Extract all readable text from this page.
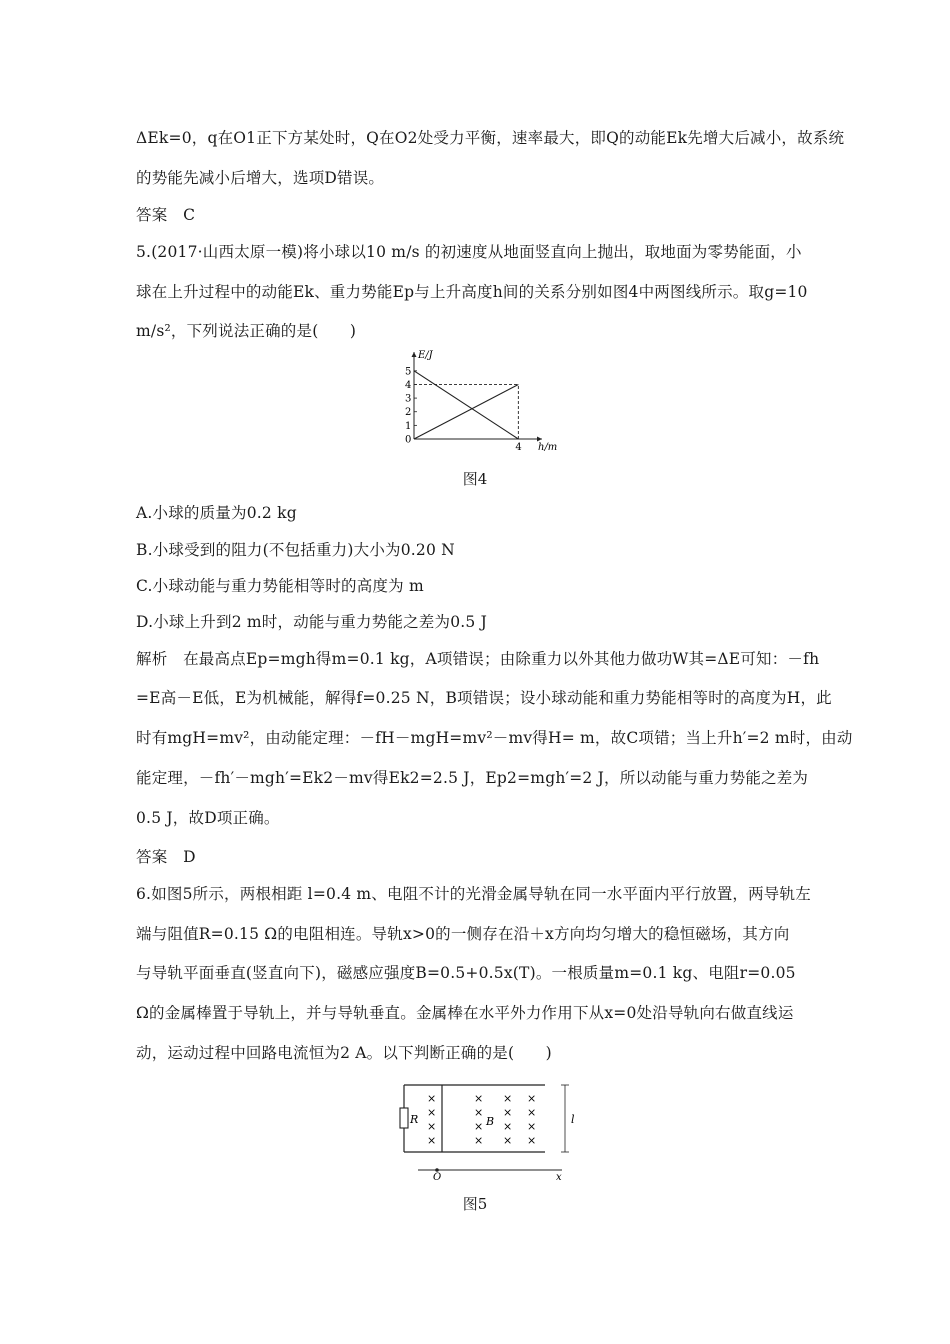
ΔEk=0，q在O1正下方某处时，Q在O2处受力平衡，速率最大，即Q的动能Ek先增大后减小，故系统
的势能先减小后增大，选项D错误。
答案　C
5.(2017·山西太原一模)将小球以10 m/s 的初速度从地面竖直向上抛出，取地面为零势能面，小
球在上升过程中的动能Ek、重力势能Ep与上升高度h间的关系分别如图4中两图线所示。取g=10
m/s²，下列说法正确的是(　　)
5
4
3
2
1
0
4
E/J
h/m
图4
A.小球的质量为0.2 kg
B.小球受到的阻力(不包括重力)大小为0.20 N
C.小球动能与重力势能相等时的高度为 m
D.小球上升到2 m时，动能与重力势能之差为0.5 J
解析　在最高点Ep=mgh得m=0.1 kg，A项错误；由除重力以外其他力做功W其=ΔE可知：－fh
=E高－E低，E为机械能，解得f=0.25 N，B项错误；设小球动能和重力势能相等时的高度为H，此
时有mgH=mv²，由动能定理：－fH－mgH=mv²－mv得H= m，故C项错；当上升h′=2 m时，由动
能定理，－fh′－mgh′=Ek2－mv得Ek2=2.5 J，Ep2=mgh′=2 J，所以动能与重力势能之差为
0.5 J，故D项正确。
答案　D
6.如图5所示，两根相距 l=0.4 m、电阻不计的光滑金属导轨在同一水平面内平行放置，两导轨左
端与阻值R=0.15 Ω的电阻相连。导轨x>0的一侧存在沿＋x方向均匀增大的稳恒磁场，其方向
与导轨平面垂直(竖直向下)，磁感应强度B=0.5+0.5x(T)。一根质量m=0.1 kg、电阻r=0.05
Ω的金属棒置于导轨上，并与导轨垂直。金属棒在水平外力作用下从x=0处沿导轨向右做直线运
动，运动过程中回路电流恒为2 A。以下判断正确的是(　　)
R
O	x
l
B
×
×
×
×
× × ×
× × ×
× × ×
× × ×
图5
